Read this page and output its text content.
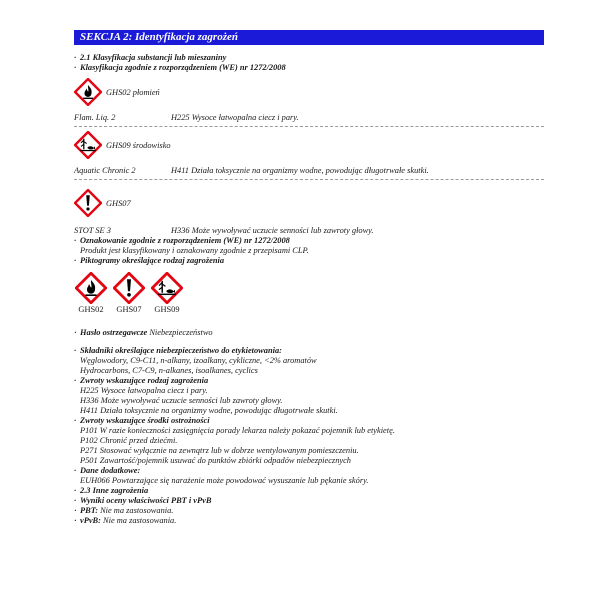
SEKCJA 2: Identyfikacja zagrożeń
· 2.1 Klasyfikacja substancji lub mieszaniny
· Klasyfikacja zgodnie z rozporządzeniem (WE) nr 1272/2008
GHS02 płomień
Flam. Liq. 2	H225 Wysoce łatwopalna ciecz i pary.
GHS09 środowisko
Aquatic Chronic 2	H411 Działa toksycznie na organizmy wodne, powodując długotrwałe skutki.
GHS07
STOT SE 3	H336 Może wywoływać uczucie senności lub zawroty głowy.
· Oznakowanie zgodnie z rozporządzeniem (WE) nr 1272/2008
Produkt jest klasyfikowany i oznakowany zgodnie z przepisami CLP.
· Piktogramy określające rodzaj zagrożenia
GHS02 GHS07 GHS09
· Hasło ostrzegawcze Niebezpieczeństwo
· Składniki określające niebezpieczeństwo do etykietowania:
Węglowodory, C9-C11, n-alkany, izoalkany, cykliczne, <2% aromatów
Hydrocarbons, C7-C9, n-alkanes, isoalkanes, cyclics
· Zwroty wskazujące rodzaj zagrożenia
H225 Wysoce łatwopalna ciecz i pary.
H336 Może wywoływać uczucie senności lub zawroty głowy.
H411 Działa toksycznie na organizmy wodne, powodując długotrwałe skutki.
· Zwroty wskazujące środki ostrożności
P101 W razie konieczności zasięgnięcia porady lekarza należy pokazać pojemnik lub etykietę.
P102 Chronić przed dziećmi.
P271 Stosować wyłącznie na zewnątrz lub w dobrze wentylowanym pomieszczeniu.
P501 Zawartość/pojemnik usuwać do punktów zbiórki odpadów niebezpiecznych
· Dane dodatkowe:
EUH066 Powtarzające się narażenie może powodować wysuszanie lub pękanie skóry.
· 2.3 Inne zagrożenia
· Wyniki oceny właściwości PBT i vPvB
· PBT: Nie ma zastosowania.
· vPvB: Nie ma zastosowania.
